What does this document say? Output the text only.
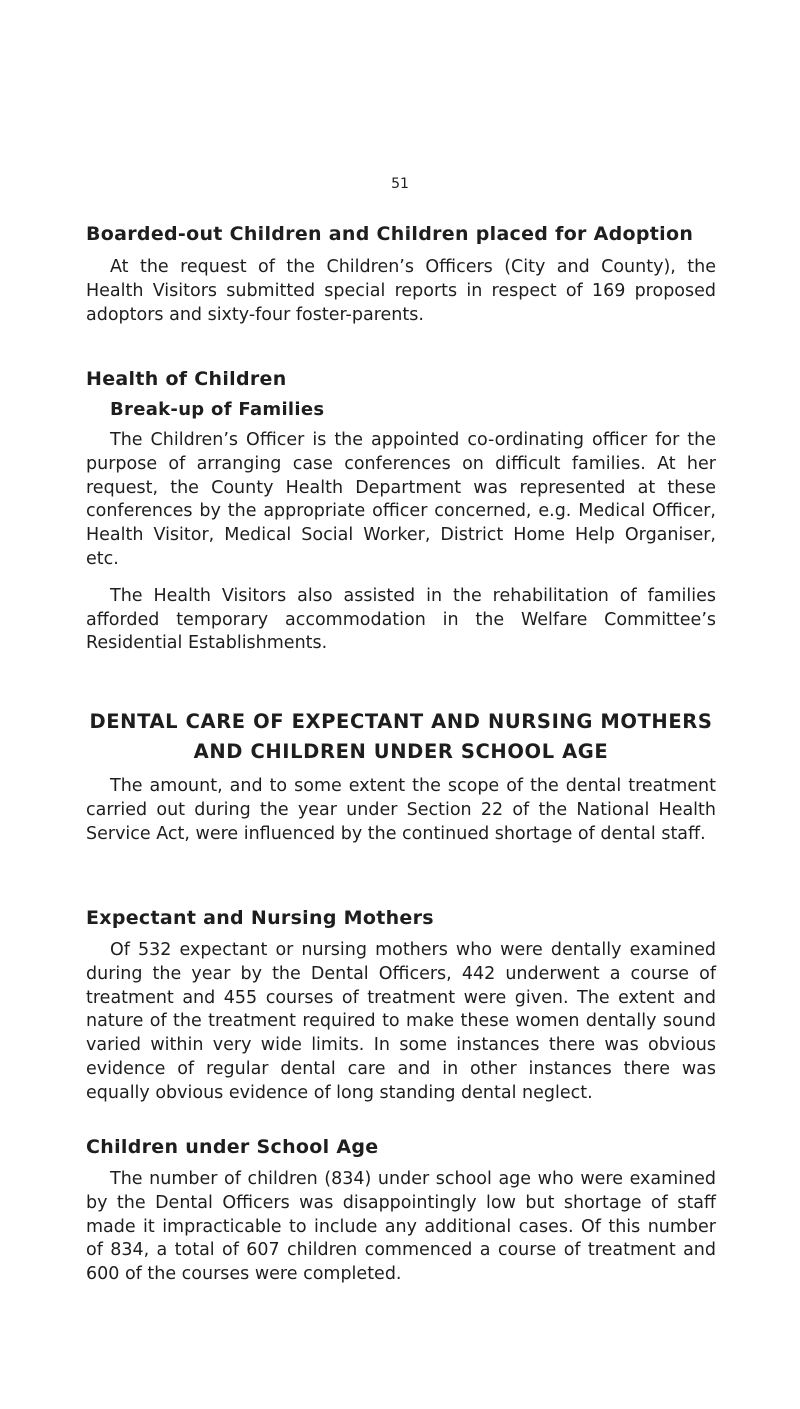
51

Boarded-out Children and Children placed for Adoption

At the request of the Children’s Officers (City and County), the Health Visitors submitted special reports in respect of 169 proposed adoptors and sixty-four foster-parents.

Health of Children

Break-up of Families

The Children’s Officer is the appointed co-ordinating officer for the purpose of arranging case conferences on difficult families. At her request, the County Health Department was represented at these conferences by the appropriate officer concerned, e.g. Medical Officer, Health Visitor, Medical Social Worker, District Home Help Organiser, etc.

The Health Visitors also assisted in the rehabilitation of families afforded temporary accommodation in the Welfare Committee’s Residential Establishments.

DENTAL CARE OF EXPECTANT AND NURSING MOTHERS

AND CHILDREN UNDER SCHOOL AGE

The amount, and to some extent the scope of the dental treatment carried out during the year under Section 22 of the National Health Service Act, were influenced by the continued shortage of dental staff.

Expectant and Nursing Mothers

Of 532 expectant or nursing mothers who were dentally examined during the year by the Dental Officers, 442 underwent a course of treatment and 455 courses of treatment were given. The extent and nature of the treatment required to make these women dentally sound varied within very wide limits. In some instances there was obvious evidence of regular dental care and in other instances there was equally obvious evidence of long standing dental neglect.

Children under School Age

The number of children (834) under school age who were examined by the Dental Officers was disappointingly low but shortage of staff made it impracticable to include any additional cases. Of this number of 834, a total of 607 children commenced a course of treatment and 600 of the courses were completed.
